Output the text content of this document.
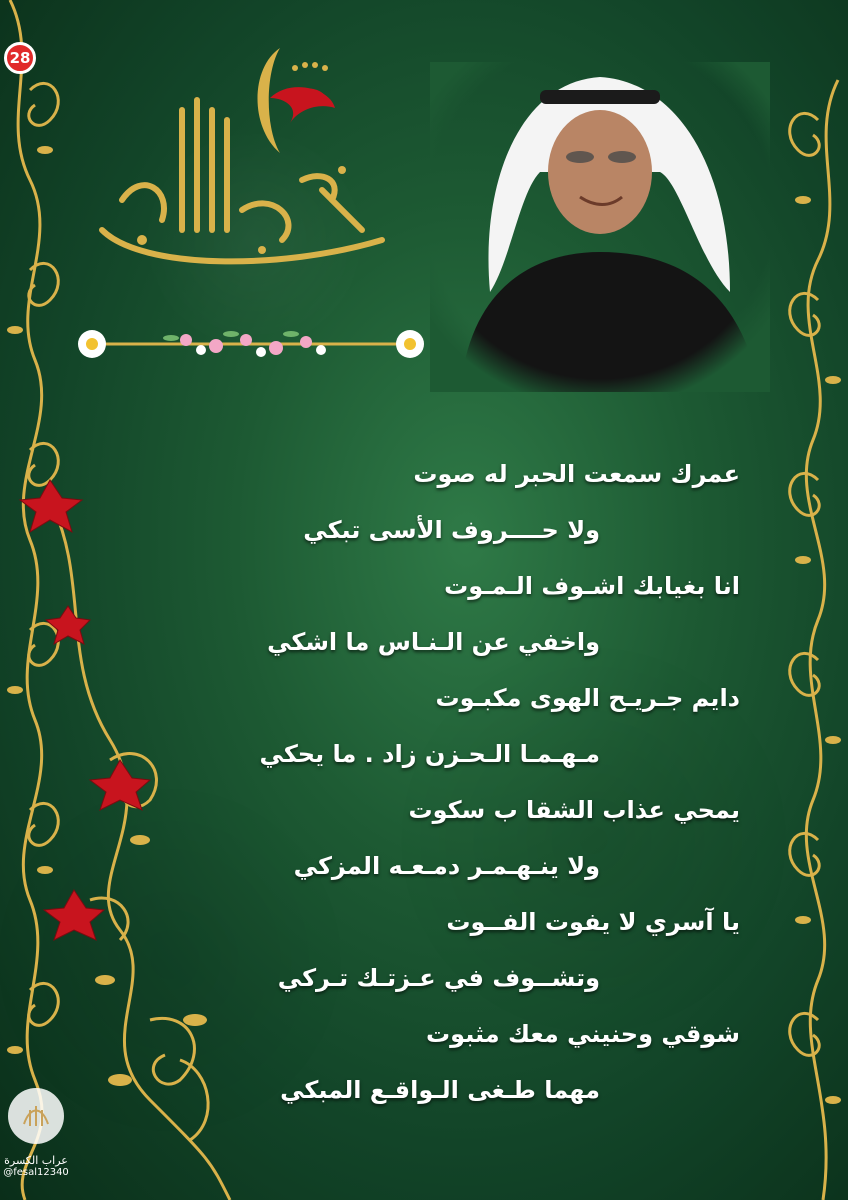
28

عمرك سمعت الحبر له صوت

ولا حــــروف الأسى تبكي

انا بغيابك اشـوف الـمـوت

واخفي عن الـنـاس ما اشكي

دايم جـريـح الهوى مكبـوت

مـهـمـا الـحـزن زاد . ما يحكي

يمحي عذاب الشقا ب سكوت

ولا ينـهـمـر دمـعـه المزكي

يا آسري لا يفوت الفــوت

وتشــوف في عـزتـك تـركي

شوقي وحنيني معك مثبوت

مهما طـغى الـواقـع المبكي

عراب الكسرة
@fesal12340
